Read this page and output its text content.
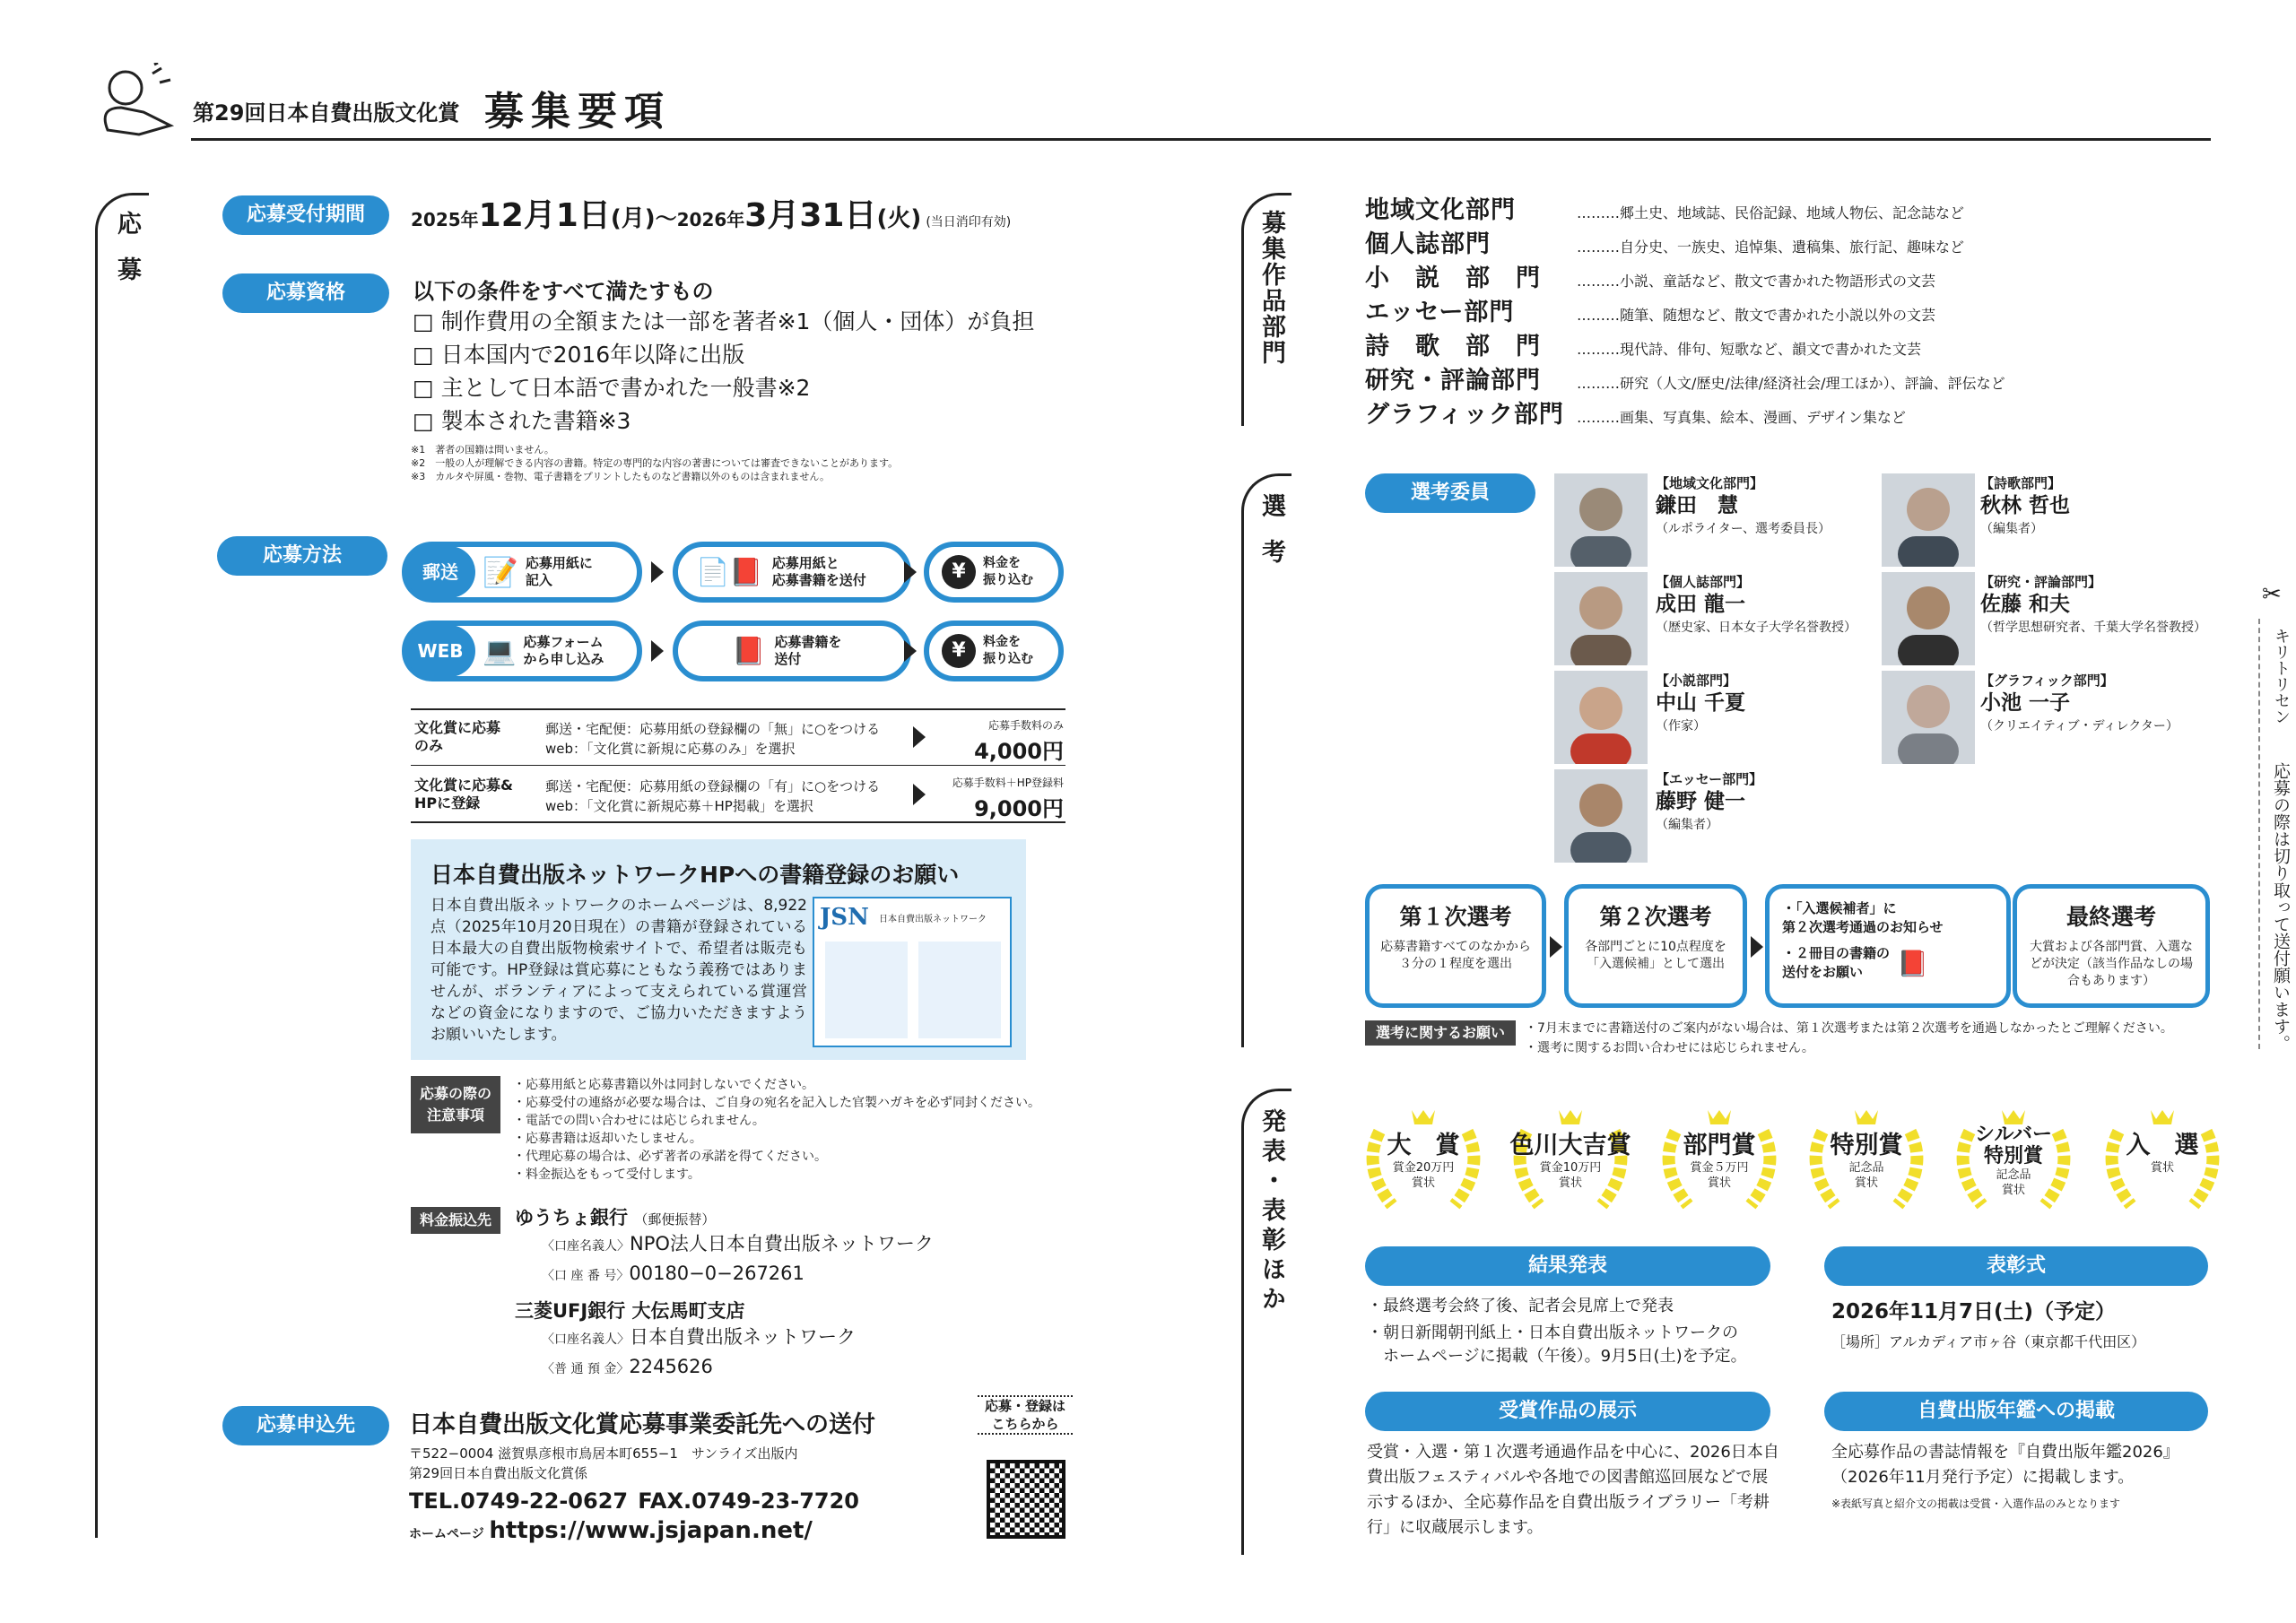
第29回日本自費出版文化賞 募集要項
応募	応募受付期間	2025年12月1日(月)～2026年3月31日(火) (当日消印有効)
応募資格	以下の条件をすべて満たすもの
□ 制作費用の全額または一部を著者※1（個人・団体）が負担
□ 日本国内で2016年以降に出版
□ 主として日本語で書かれた一般書※2
□ 製本された書籍※3
※1　著者の国籍は問いません。
※2　一般の人が理解できる内容の書籍。特定の専門的な内容の著書については審査できないことがあります。
※3　カルタや屏風・巻物、電子書籍をプリントしたものなど書籍以外のものは含まれません。
応募方法
郵送 📝 応募用紙に
記入	📄📕 応募用紙と
応募書籍を送付	¥	料金を
振り込む
WEB 💻 応募フォーム
から申し込み	📕 応募書籍を
送付	¥	料金を
振り込む
文化賞に応募
のみ
郵送・宅配便：応募用紙の登録欄の「無」に○をつける
web：「文化賞に新規に応募のみ」を選択
応募手数料のみ
4,000円
文化賞に応募&
HPに登録
郵送・宅配便：応募用紙の登録欄の「有」に○をつける
web：「文化賞に新規応募＋HP掲載」を選択
応募手数料＋HP登録料
9,000円
日本自費出版ネットワークHPへの書籍登録のお願い
日本自費出版ネットワークのホームページは、8,922点（2025年10月20日現在）の書籍が登録されている日本最大の自費出版物検索サイトで、希望者は販売も可能です。HP登録は賞応募にともなう義務ではありませんが、ボランティアによって支えられている賞運営などの資金になりますので、ご協力いただきますようお願いいたします。
JSN 日本自費出版ネットワーク
応募の際の
注意事項
・応募用紙と応募書籍以外は同封しないでください。
・応募受付の連絡が必要な場合は、ご自身の宛名を記入した官製ハガキを必ず同封ください。
・電話での問い合わせには応じられません。
・応募書籍は返却いたしません。
・代理応募の場合は、必ず著者の承諾を得てください。
・料金振込をもって受付します。
料金振込先	ゆうちょ銀行 （郵便振替）
〈口座名義人〉NPO法人日本自費出版ネットワーク
〈口 座 番 号〉00180−0−267261
三菱UFJ銀行 大伝馬町支店
〈口座名義人〉日本自費出版ネットワーク
〈普 通 預 金〉2245626
応募申込先	日本自費出版文化賞応募事業委託先への送付
〒522−0004 滋賀県彦根市鳥居本町655−1　サンライズ出版内
第29回日本自費出版文化賞係
TEL.0749-22-0627 FAX.0749-23-7720
ホームページ https://www.jsjapan.net/
応募・登録は
こちらから
募集作品部門	地域文化部門	………郷土史、地域誌、民俗記録、地域人物伝、記念誌など
個人誌部門	………自分史、一族史、追悼集、遺稿集、旅行記、趣味など
小　説　部　門	………小説、童話など、散文で書かれた物語形式の文芸
エッセー部門	………随筆、随想など、散文で書かれた小説以外の文芸
詩　歌　部　門	………現代詩、俳句、短歌など、韻文で書かれた文芸
研究・評論部門	………研究（人文/歴史/法律/経済社会/理工ほか）、評論、評伝など
グラフィック部門 ………画集、写真集、絵本、漫画、デザイン集など
選考
選考委員	【地域文化部門】
鎌田　慧
（ルポライター、選考委員長）
【個人誌部門】
成田 龍一
（歴史家、日本女子大学名誉教授）
【小説部門】
中山 千夏
（作家）
【エッセー部門】
藤野 健一
（編集者）
【詩歌部門】
秋林 哲也
（編集者）
【研究・評論部門】
佐藤 和夫
（哲学思想研究者、千葉大学名誉教授）
【グラフィック部門】
小池 一子
（クリエイティブ・ディレクター）
第１次選考
応募書籍すべてのなかから３分の１程度を選出
第２次選考
各部門ごとに10点程度を「入選候補」として選出
・「入選候補者」に
第２次選考通過のお知らせ
・２冊目の書籍の
送付をお願い	📕
最終選考
大賞および各部門賞、入選などが決定（該当作品なしの場合もあります）
選考に関するお願い	・7月末までに書籍送付のご案内がない場合は、第１次選考または第２次選考を通過しなかったとご理解ください。
・選考に関するお問い合わせには応じられません。
発表・表彰ほか	大　賞
賞金20万円
賞状
色川大吉賞
賞金10万円
賞状
部門賞
賞金５万円
賞状
特別賞
記念品
賞状
シルバー
特別賞
記念品
賞状
入　選
賞状
結果発表
・最終選考会終了後、記者会見席上で発表
・朝日新聞朝刊紙上・日本自費出版ネットワークの
　ホームページに掲載（午後）。9月5日(土)を予定。
表彰式
2026年11月7日(土)（予定）
［場所］アルカディア市ヶ谷（東京都千代田区）
受賞作品の展示
受賞・入選・第１次選考通過作品を中心に、2026日本自費出版フェスティバルや各地での図書館巡回展などで展示するほか、全応募作品を自費出版ライブラリー「考耕行」に収蔵展示します。
自費出版年鑑への掲載
全応募作品の書誌情報を『自費出版年鑑2026』（2026年11月発行予定）に掲載します。
※表紙写真と紹介文の掲載は受賞・入選作品のみとなります
✂
キリトリセン
応募の際は切り取って送付願います。
